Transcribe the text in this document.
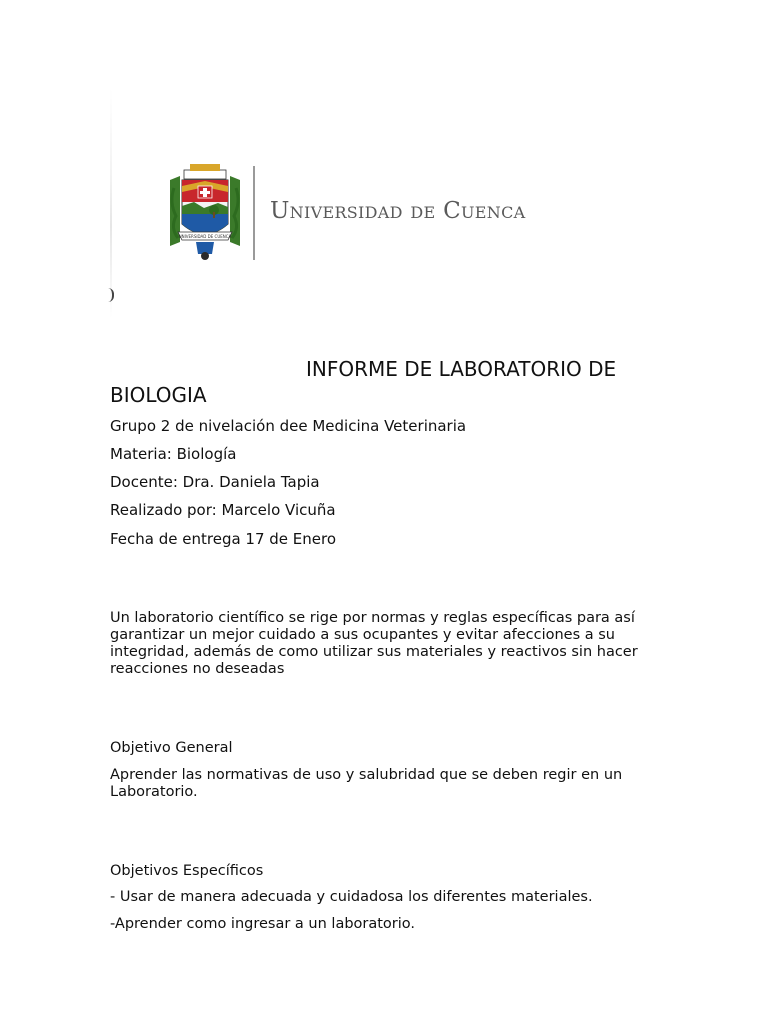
UNIVERSIDAD DE CUENCA
Universidad de Cuenca
INFORME DE LABORATORIO DE BIOLOGIA
Grupo 2 de nivelación dee Medicina Veterinaria
Materia: Biología
Docente: Dra. Daniela Tapia
Realizado por: Marcelo Vicuña
Fecha de entrega 17 de Enero
Un laboratorio científico se rige por normas y reglas específicas para así garantizar un mejor cuidado a sus ocupantes y evitar afecciones a su integridad, además de como utilizar sus materiales y reactivos sin hacer reacciones no deseadas
Objetivo General
Aprender las normativas de uso y salubridad que se deben regir en un Laboratorio.
Objetivos Específicos
- Usar de manera adecuada y cuidadosa los diferentes materiales.
-Aprender como ingresar a un laboratorio.
